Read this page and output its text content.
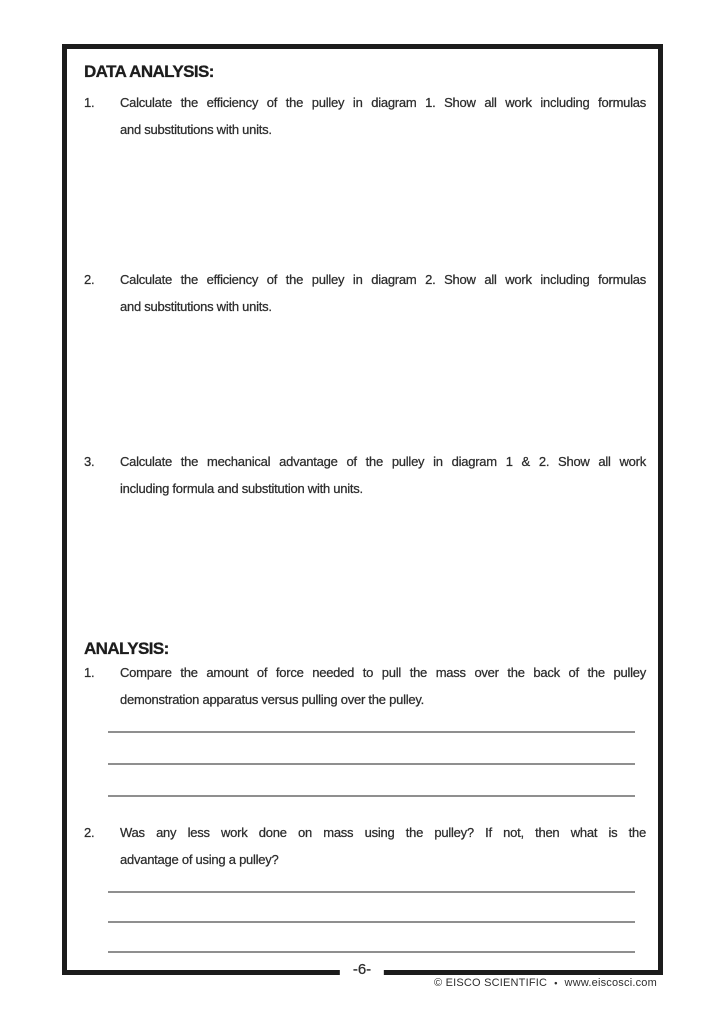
DATA ANALYSIS:
1. Calculate the efficiency of the pulley in diagram 1. Show all work including formulas
and substitutions with units.
2. Calculate the efficiency of the pulley in diagram 2. Show all work including formulas
and substitutions with units.
3. Calculate the mechanical advantage of the pulley in diagram 1 & 2. Show all work
including formula and substitution with units.
ANALYSIS:
1. Compare the amount of force needed to pull the mass over the back of the pulley
demonstration apparatus versus pulling over the pulley.
2. Was any less work done on mass using the pulley? If not, then what is the
advantage of using a pulley?
-6-
© EISCO SCIENTIFIC • www.eiscosci.com
